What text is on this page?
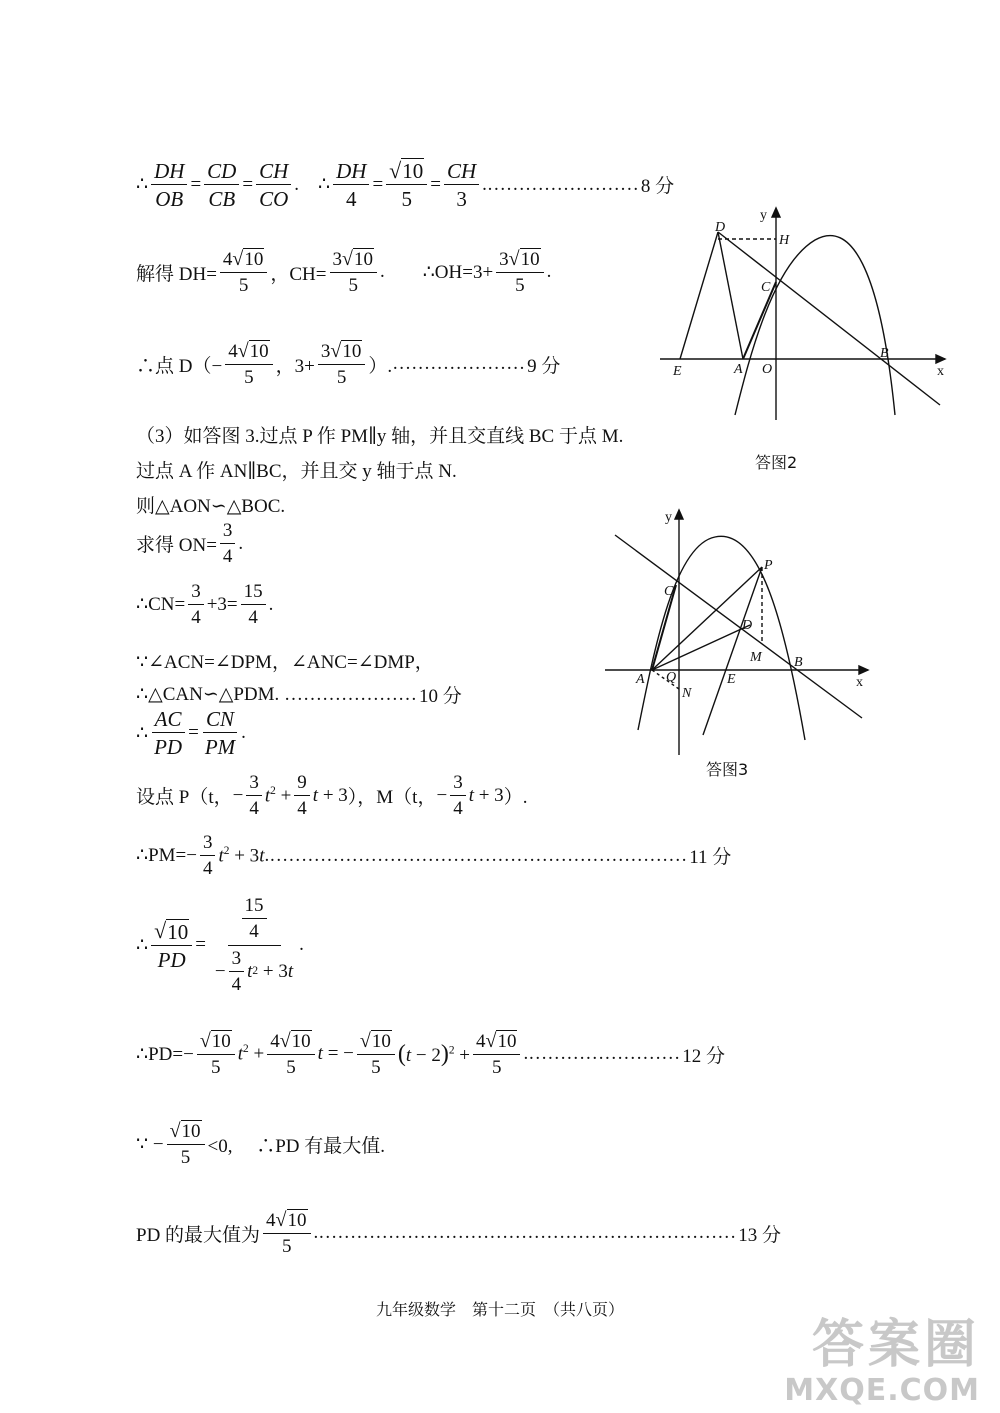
∴ $\frac{DH}{OB} = \frac{CD}{CB} = \frac{CH}{CO}$ .    ∴ $\frac{DH}{4} = \frac{√ 10}{5} = \frac{CH}{3}$ .…………………… 8 分
解得 $DH= \frac{4 √ 10}{5}$ ，$CH= \frac{3 √ 10}{5}$ . ∴OH=3+ $\frac{3 √ 10}{5}$ .
∴点 $D(- \frac{4 √ 10}{5}$ ，$3+ \frac{3 √ 10}{5}$ ）. ………………… 9 分
（3）如答图 3.过点 P 作 PM∥y 轴，并且交直线 BC 于点 M.
过点 A 作 AN∥BC，并且交 y 轴于点 N.
则△AON∽△BOC.
求得 $ON= \frac{3}{4}$ .
∴CN= $\frac{3}{4} +3= \frac{15}{4}$ .
∵∠ACN=∠DPM，∠ANC=∠DMP，
∴△CAN∽△PDM. ………………… 10 分
∴ $\frac{AC}{PD} = \frac{CN}{PM}$ .
设点 P（t， − $\frac{3}{4} t^2 + \frac{9}{4}$ t + 3 ），M（t， − $\frac{3}{4}$ t + 3 ）.
∴PM=− $\frac{3}{4} t^2 + 3t$ .………………………………………………………… 11 分
∴ $\frac{√ 10}{PD} = \frac{\frac{15}{4}}{- \frac{3}{4} t 2 + 3 t}$ .
∴PD=− $\frac{√ 10}{5} t^2 + \frac{4 √ 10}{5}$ t = − $\frac{√ 10}{5} (t - 2)^2 + \frac{4 √ 10}{5}$ .…………………… 12 分
∵ − $\frac{√ 10}{5} <0$,　 ∴PD 有最大值.
PD 的最大值为 $\frac{4 √ 10}{5}$ .………………………………………………………… 13 分
D
H
C
E	A O
B
x
y
答图2
P
C
D
M
A Q
N
E
B
x
y
答图3
九年级数学　第十二页　（共八页）
答案圈
MXQE.COM
